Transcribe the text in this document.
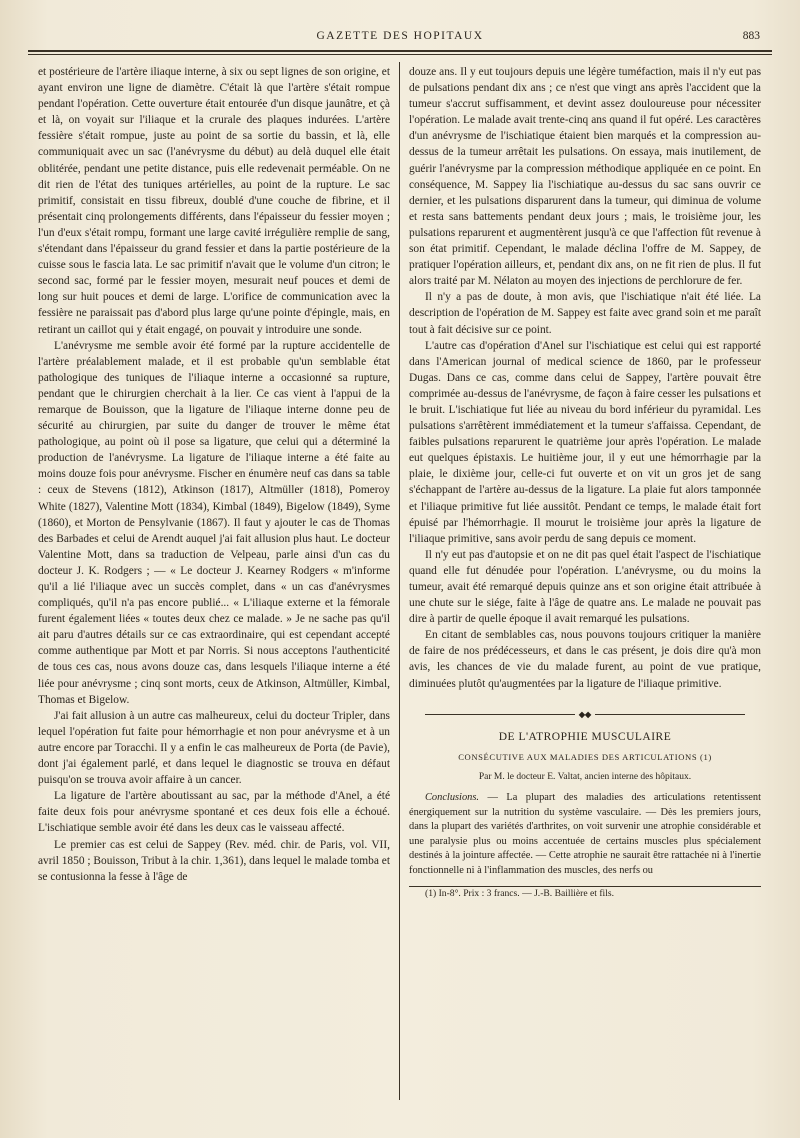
GAZETTE DES HOPITAUX	883

et postérieure de l'artère iliaque interne, à six ou sept lignes de son origine, et ayant environ une ligne de diamètre. C'était là que l'artère s'était rompue pendant l'opération. Cette ouverture était entourée d'un disque jaunâtre, et çà et là, on voyait sur l'iliaque et la crurale des plaques indurées. L'artère fessière s'était rompue, juste au point de sa sortie du bassin, et là, elle communiquait avec un sac (l'anévrysme du début) au delà duquel elle était oblitérée, pendant une petite distance, puis elle redevenait perméable. On ne dit rien de l'état des tuniques artérielles, au point de la rupture. Le sac primitif, consistait en tissu fibreux, doublé d'une couche de fibrine, et il présentait cinq prolongements différents, dans l'épaisseur du fessier moyen ; l'un d'eux s'était rompu, formant une large cavité irrégulière remplie de sang, s'étendant dans l'épaisseur du grand fessier et dans la partie postérieure de la cuisse sous le fascia lata. Le sac primitif n'avait que le volume d'un citron; le second sac, formé par le fessier moyen, mesurait neuf pouces et demi de long sur huit pouces et demi de large. L'orifice de communication avec la fessière ne paraissait pas d'abord plus large qu'une pointe d'épingle, mais, en retirant un caillot qui y était engagé, on pouvait y introduire une sonde.

L'anévrysme me semble avoir été formé par la rupture accidentelle de l'artère préalablement malade, et il est probable qu'un semblable état pathologique des tuniques de l'iliaque interne a occasionné sa rupture, pendant que le chirurgien cherchait à la lier. Ce cas vient à l'appui de la remarque de Bouisson, que la ligature de l'iliaque interne donne peu de sécurité au chirurgien, par suite du danger de trouver le même état pathologique, au point où il pose sa ligature, que celui qui a déterminé la production de l'anévrysme. La ligature de l'iliaque interne a été faite au moins douze fois pour anévrysme. Fischer en énumère neuf cas dans sa table : ceux de Stevens (1812), Atkinson (1817), Altmüller (1818), Pomeroy White (1827), Valentine Mott (1834), Kimbal (1849), Bigelow (1849), Syme (1860), et Morton de Pensylvanie (1867). Il faut y ajouter le cas de Thomas des Barbades et celui de Arendt auquel j'ai fait allusion plus haut. Le docteur Valentine Mott, dans sa traduction de Velpeau, parle ainsi d'un cas du docteur J. K. Rodgers ; — « Le docteur J. Kearney Rodgers « m'informe qu'il a lié l'iliaque avec un succès complet, dans « un cas d'anévrysmes compliqués, qu'il n'a pas encore publié... « L'iliaque externe et la fémorale furent également liées « toutes deux chez ce malade. » Je ne sache pas qu'il ait paru d'autres détails sur ce cas extraordinaire, qui est cependant accepté comme authentique par Mott et par Norris. Si nous acceptons l'authenticité de tous ces cas, nous avons douze cas, dans lesquels l'iliaque interne a été liée pour anévrysme ; cinq sont morts, ceux de Atkinson, Altmüller, Kimbal, Thomas et Bigelow.

J'ai fait allusion à un autre cas malheureux, celui du docteur Tripler, dans lequel l'opération fut faite pour hémorrhagie et non pour anévrysme et à un autre encore par Toracchi. Il y a enfin le cas malheureux de Porta (de Pavie), dont j'ai également parlé, et dans lequel le diagnostic se trouva en défaut puisqu'on se trouva avoir affaire à un cancer.

La ligature de l'artère aboutissant au sac, par la méthode d'Anel, a été faite deux fois pour anévrysme spontané et ces deux fois elle a échoué. L'ischiatique semble avoir été dans les deux cas le vaisseau affecté.

Le premier cas est celui de Sappey (Rev. méd. chir. de Paris, vol. VII, avril 1850 ; Bouisson, Tribut à la chir. 1,361), dans lequel le malade tomba et se contusionna la fesse à l'âge de

douze ans. Il y eut toujours depuis une légère tuméfaction, mais il n'y eut pas de pulsations pendant dix ans ; ce n'est que vingt ans après l'accident que la tumeur s'accrut suffisamment, et devint assez douloureuse pour nécessiter l'opération. Le malade avait trente-cinq ans quand il fut opéré. Les caractères d'un anévrysme de l'ischiatique étaient bien marqués et la compression au-dessus de la tumeur arrêtait les pulsations. On essaya, mais inutilement, de guérir l'anévrysme par la compression méthodique appliquée en ce point. En conséquence, M. Sappey lia l'ischiatique au-dessus du sac sans ouvrir ce dernier, et les pulsations disparurent dans la tumeur, qui diminua de volume et resta sans battements pendant deux jours ; mais, le troisième jour, les pulsations reparurent et augmentèrent jusqu'à ce que l'affection fût revenue à son état primitif. Cependant, le malade déclina l'offre de M. Sappey, de pratiquer l'opération ailleurs, et, pendant dix ans, on ne fit rien de plus. Il fut alors traité par M. Nélaton au moyen des injections de perchlorure de fer.

Il n'y a pas de doute, à mon avis, que l'ischiatique n'ait été liée. La description de l'opération de M. Sappey est faite avec grand soin et me paraît tout à fait décisive sur ce point.

L'autre cas d'opération d'Anel sur l'ischiatique est celui qui est rapporté dans l'American journal of medical science de 1860, par le professeur Dugas. Dans ce cas, comme dans celui de Sappey, l'artère pouvait être comprimée au-dessus de l'anévrysme, de façon à faire cesser les pulsations et le bruit. L'ischiatique fut liée au niveau du bord inférieur du pyramidal. Les pulsations s'arrêtèrent immédiatement et la tumeur s'affaissa. Cependant, de faibles pulsations reparurent le quatrième jour après l'opération. Le malade eut quelques épistaxis. Le huitième jour, il y eut une hémorrhagie par la plaie, le dixième jour, celle-ci fut ouverte et on vit un gros jet de sang s'échappant de l'artère au-dessus de la ligature. La plaie fut alors tamponnée et l'iliaque primitive fut liée aussitôt. Pendant ce temps, le malade était fort épuisé par l'hémorrhagie. Il mourut le troisième jour après la ligature de l'iliaque primitive, sans avoir perdu de sang depuis ce moment.

Il n'y eut pas d'autopsie et on ne dit pas quel était l'aspect de l'ischiatique quand elle fut dénudée pour l'opération. L'anévrysme, ou du moins la tumeur, avait été remarqué depuis quinze ans et son origine était attribuée à une chute sur le siége, faite à l'âge de quatre ans. Le malade ne pouvait pas dire à partir de quelle époque il avait remarqué les pulsations.

En citant de semblables cas, nous pouvons toujours critiquer la manière de faire de nos prédécesseurs, et dans le cas présent, je dois dire qu'à mon avis, les chances de vie du malade furent, au point de vue pratique, diminuées plutôt qu'augmentées par la ligature de l'iliaque primitive.

◆◆
DE L'ATROPHIE MUSCULAIRE
CONSÉCUTIVE AUX MALADIES DES ARTICULATIONS (1)
Par M. le docteur E. Valtat, ancien interne des hôpitaux.

Conclusions. — La plupart des maladies des articulations retentissent énergiquement sur la nutrition du système vasculaire. — Dès les premiers jours, dans la plupart des variétés d'arthrites, on voit survenir une atrophie considérable et une paralysie plus ou moins accentuée de certains muscles plus spécialement destinés à la jointure affectée. — Cette atrophie ne saurait être rattachée ni à l'inertie fonctionnelle ni à l'inflammation des muscles, des nerfs ou

(1) In-8°. Prix : 3 francs. — J.-B. Baillière et fils.
